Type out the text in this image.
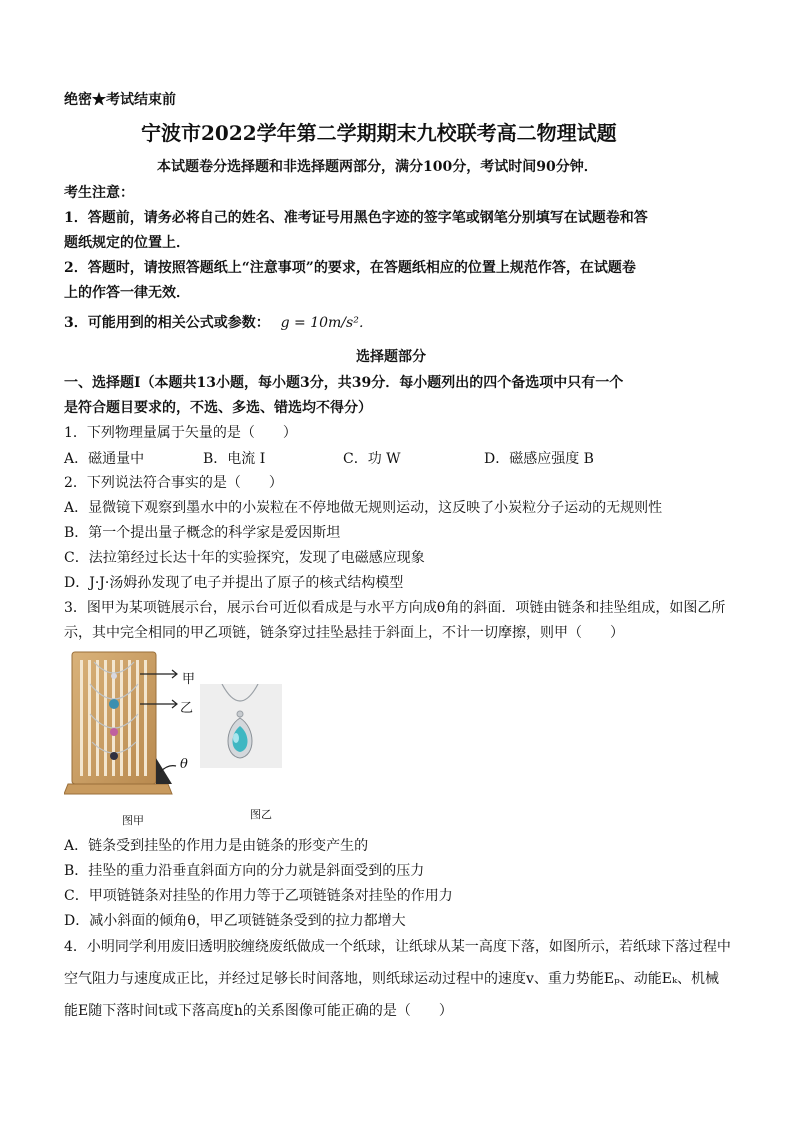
绝密★考试结束前
宁波市2022学年第二学期期末九校联考高二物理试题
本试题卷分选择题和非选择题两部分，满分100分，考试时间90分钟．
考生注意：
1．答题前，请务必将自己的姓名、准考证号用黑色字迹的签字笔或钢笔分别填写在试题卷和答
题纸规定的位置上．
2．答题时，请按照答题纸上“注意事项”的要求，在答题纸相应的位置上规范作答，在试题卷
上的作答一律无效．
3．可能用到的相关公式或参数： g = 10m/s²．
选择题部分
一、选择题Ⅰ（本题共13小题，每小题3分，共39分．每小题列出的四个备选项中只有一个
是符合题目要求的，不选、多选、错选均不得分）
1．下列物理量属于矢量的是（　　）
A．磁通量中	B．电流 I	C．功 W	D．磁感应强度 B
2．下列说法符合事实的是（　　）
A．显微镜下观察到墨水中的小炭粒在不停地做无规则运动，这反映了小炭粒分子运动的无规则性
B．第一个提出量子概念的科学家是爱因斯坦
C．法拉第经过长达十年的实验探究，发现了电磁感应现象
D．J·J·汤姆孙发现了电子并提出了原子的核式结构模型
3．图甲为某项链展示台，展示台可近似看成是与水平方向成θ角的斜面．项链由链条和挂坠组成，如图乙所
示，其中完全相同的甲乙项链，链条穿过挂坠悬挂于斜面上，不计一切摩擦，则甲（　　）
甲
乙
θ
图甲	图乙
A．链条受到挂坠的作用力是由链条的形变产生的
B．挂坠的重力沿垂直斜面方向的分力就是斜面受到的压力
C．甲项链链条对挂坠的作用力等于乙项链链条对挂坠的作用力
D．减小斜面的倾角θ，甲乙项链链条受到的拉力都增大
4．小明同学利用废旧透明胶缠绕废纸做成一个纸球，让纸球从某一高度下落，如图所示，若纸球下落过程中
空气阻力与速度成正比，并经过足够长时间落地，则纸球运动过程中的速度v、重力势能Eₚ、动能Eₖ、机械
能E随下落时间t或下落高度h的关系图像可能正确的是（　　）
